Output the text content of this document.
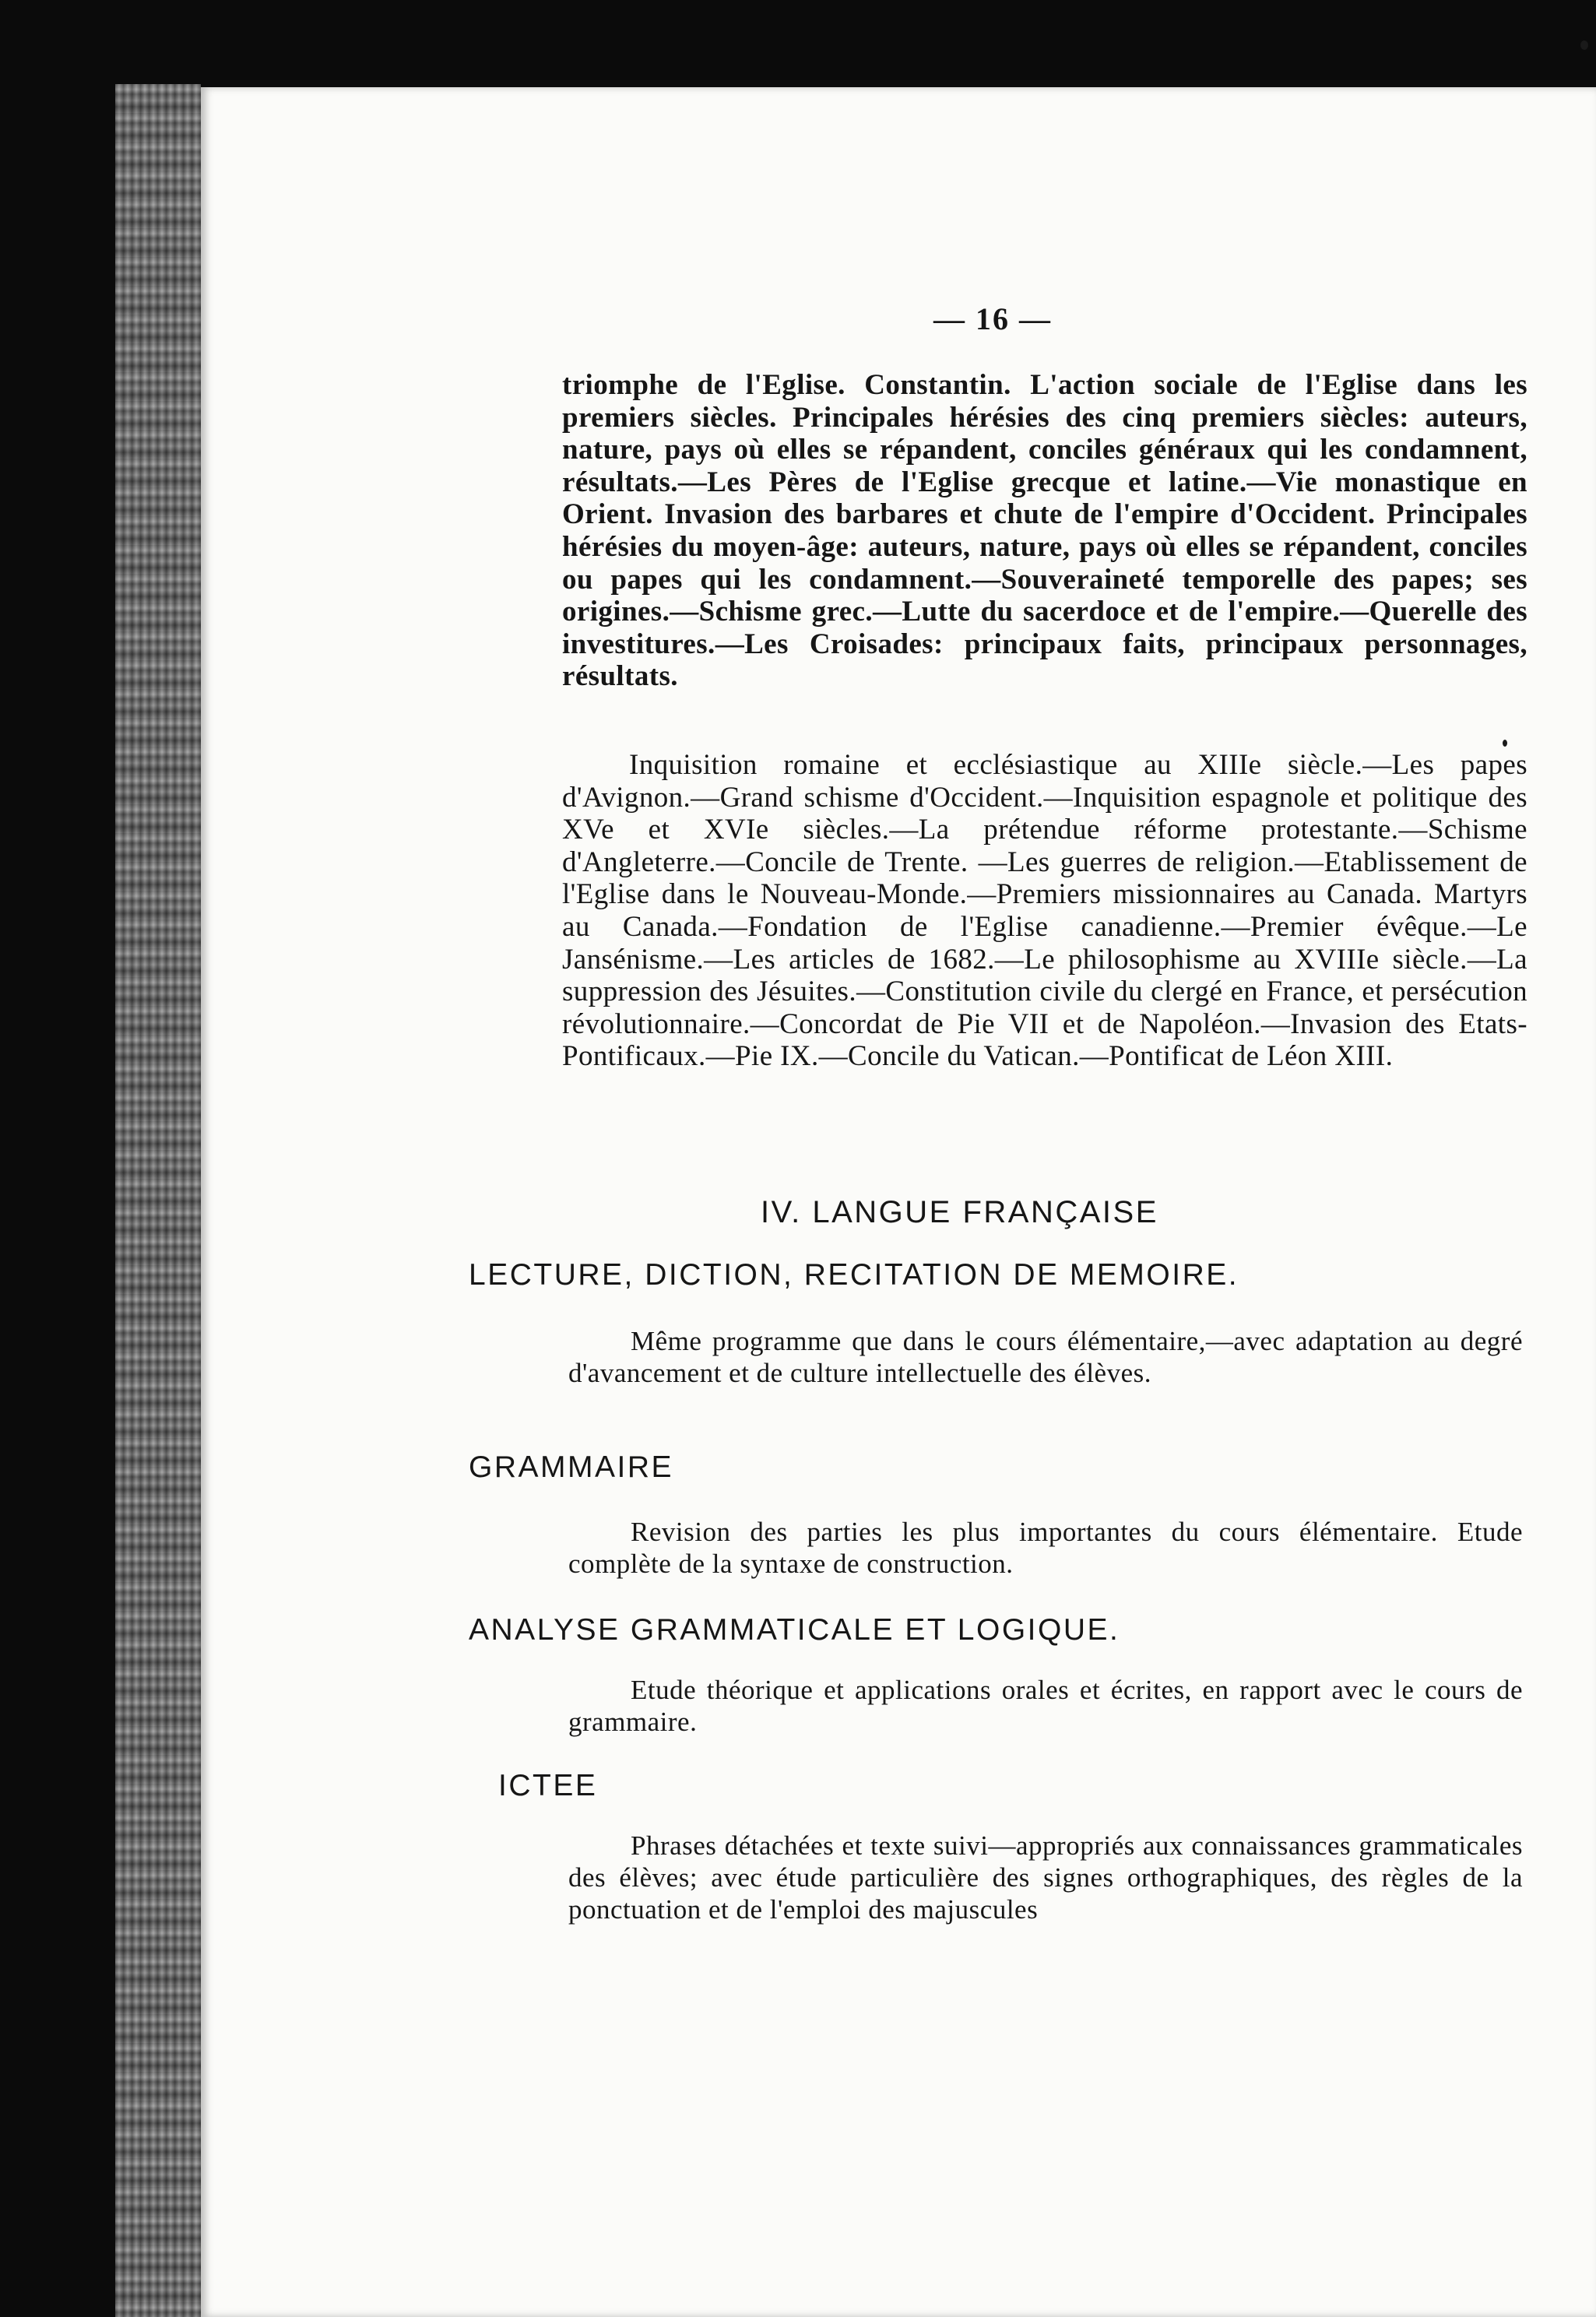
— 16 —

triomphe de l'Eglise. Constantin. L'action sociale de l'Eglise dans les premiers siècles. Principales hérésies des cinq premiers siècles: auteurs, nature, pays où elles se répandent, conciles généraux qui les condamnent, résultats.—Les Pères de l'Eglise grecque et latine.—Vie monastique en Orient. Invasion des barbares et chute de l'empire d'Occident. Principales hérésies du moyen-âge: auteurs, nature, pays où elles se répandent, conciles ou papes qui les condamnent.—Souveraineté temporelle des papes; ses origines.—Schisme grec.—Lutte du sacerdoce et de l'empire.—Querelle des investitures.—Les Croisades: principaux faits, principaux personnages, résultats.

Inquisition romaine et ecclésiastique au XIIIe siècle.—Les papes d'Avignon.—Grand schisme d'Occident.—Inquisition espagnole et politique des XVe et XVIe siècles.—La prétendue réforme protestante.—Schisme d'Angleterre.—Concile de Trente. —Les guerres de religion.—Etablissement de l'Eglise dans le Nouveau-Monde.—Premiers missionnaires au Canada. Martyrs au Canada.—Fondation de l'Eglise canadienne.—Premier évêque.—Le Jansénisme.—Les articles de 1682.—Le philosophisme au XVIIIe siècle.—La suppression des Jésuites.—Constitution civile du clergé en France, et persécution révolutionnaire.—Concordat de Pie VII et de Napoléon.—Invasion des Etats-Pontificaux.—Pie IX.—Concile du Vatican.—Pontificat de Léon XIII.

IV. LANGUE FRANÇAISE
LECTURE, DICTION, RECITATION DE MEMOIRE.

Même programme que dans le cours élémentaire,—avec adaptation au degré d'avancement et de culture intellectuelle des élèves.

GRAMMAIRE

Revision des parties les plus importantes du cours élémentaire. Etude complète de la syntaxe de construction.

ANALYSE GRAMMATICALE ET LOGIQUE.

Etude théorique et applications orales et écrites, en rapport avec le cours de grammaire.

ICTEE

Phrases détachées et texte suivi—appropriés aux connaissances grammaticales des élèves; avec étude particulière des signes orthographiques, des règles de la ponctuation et de l'emploi des majuscules
